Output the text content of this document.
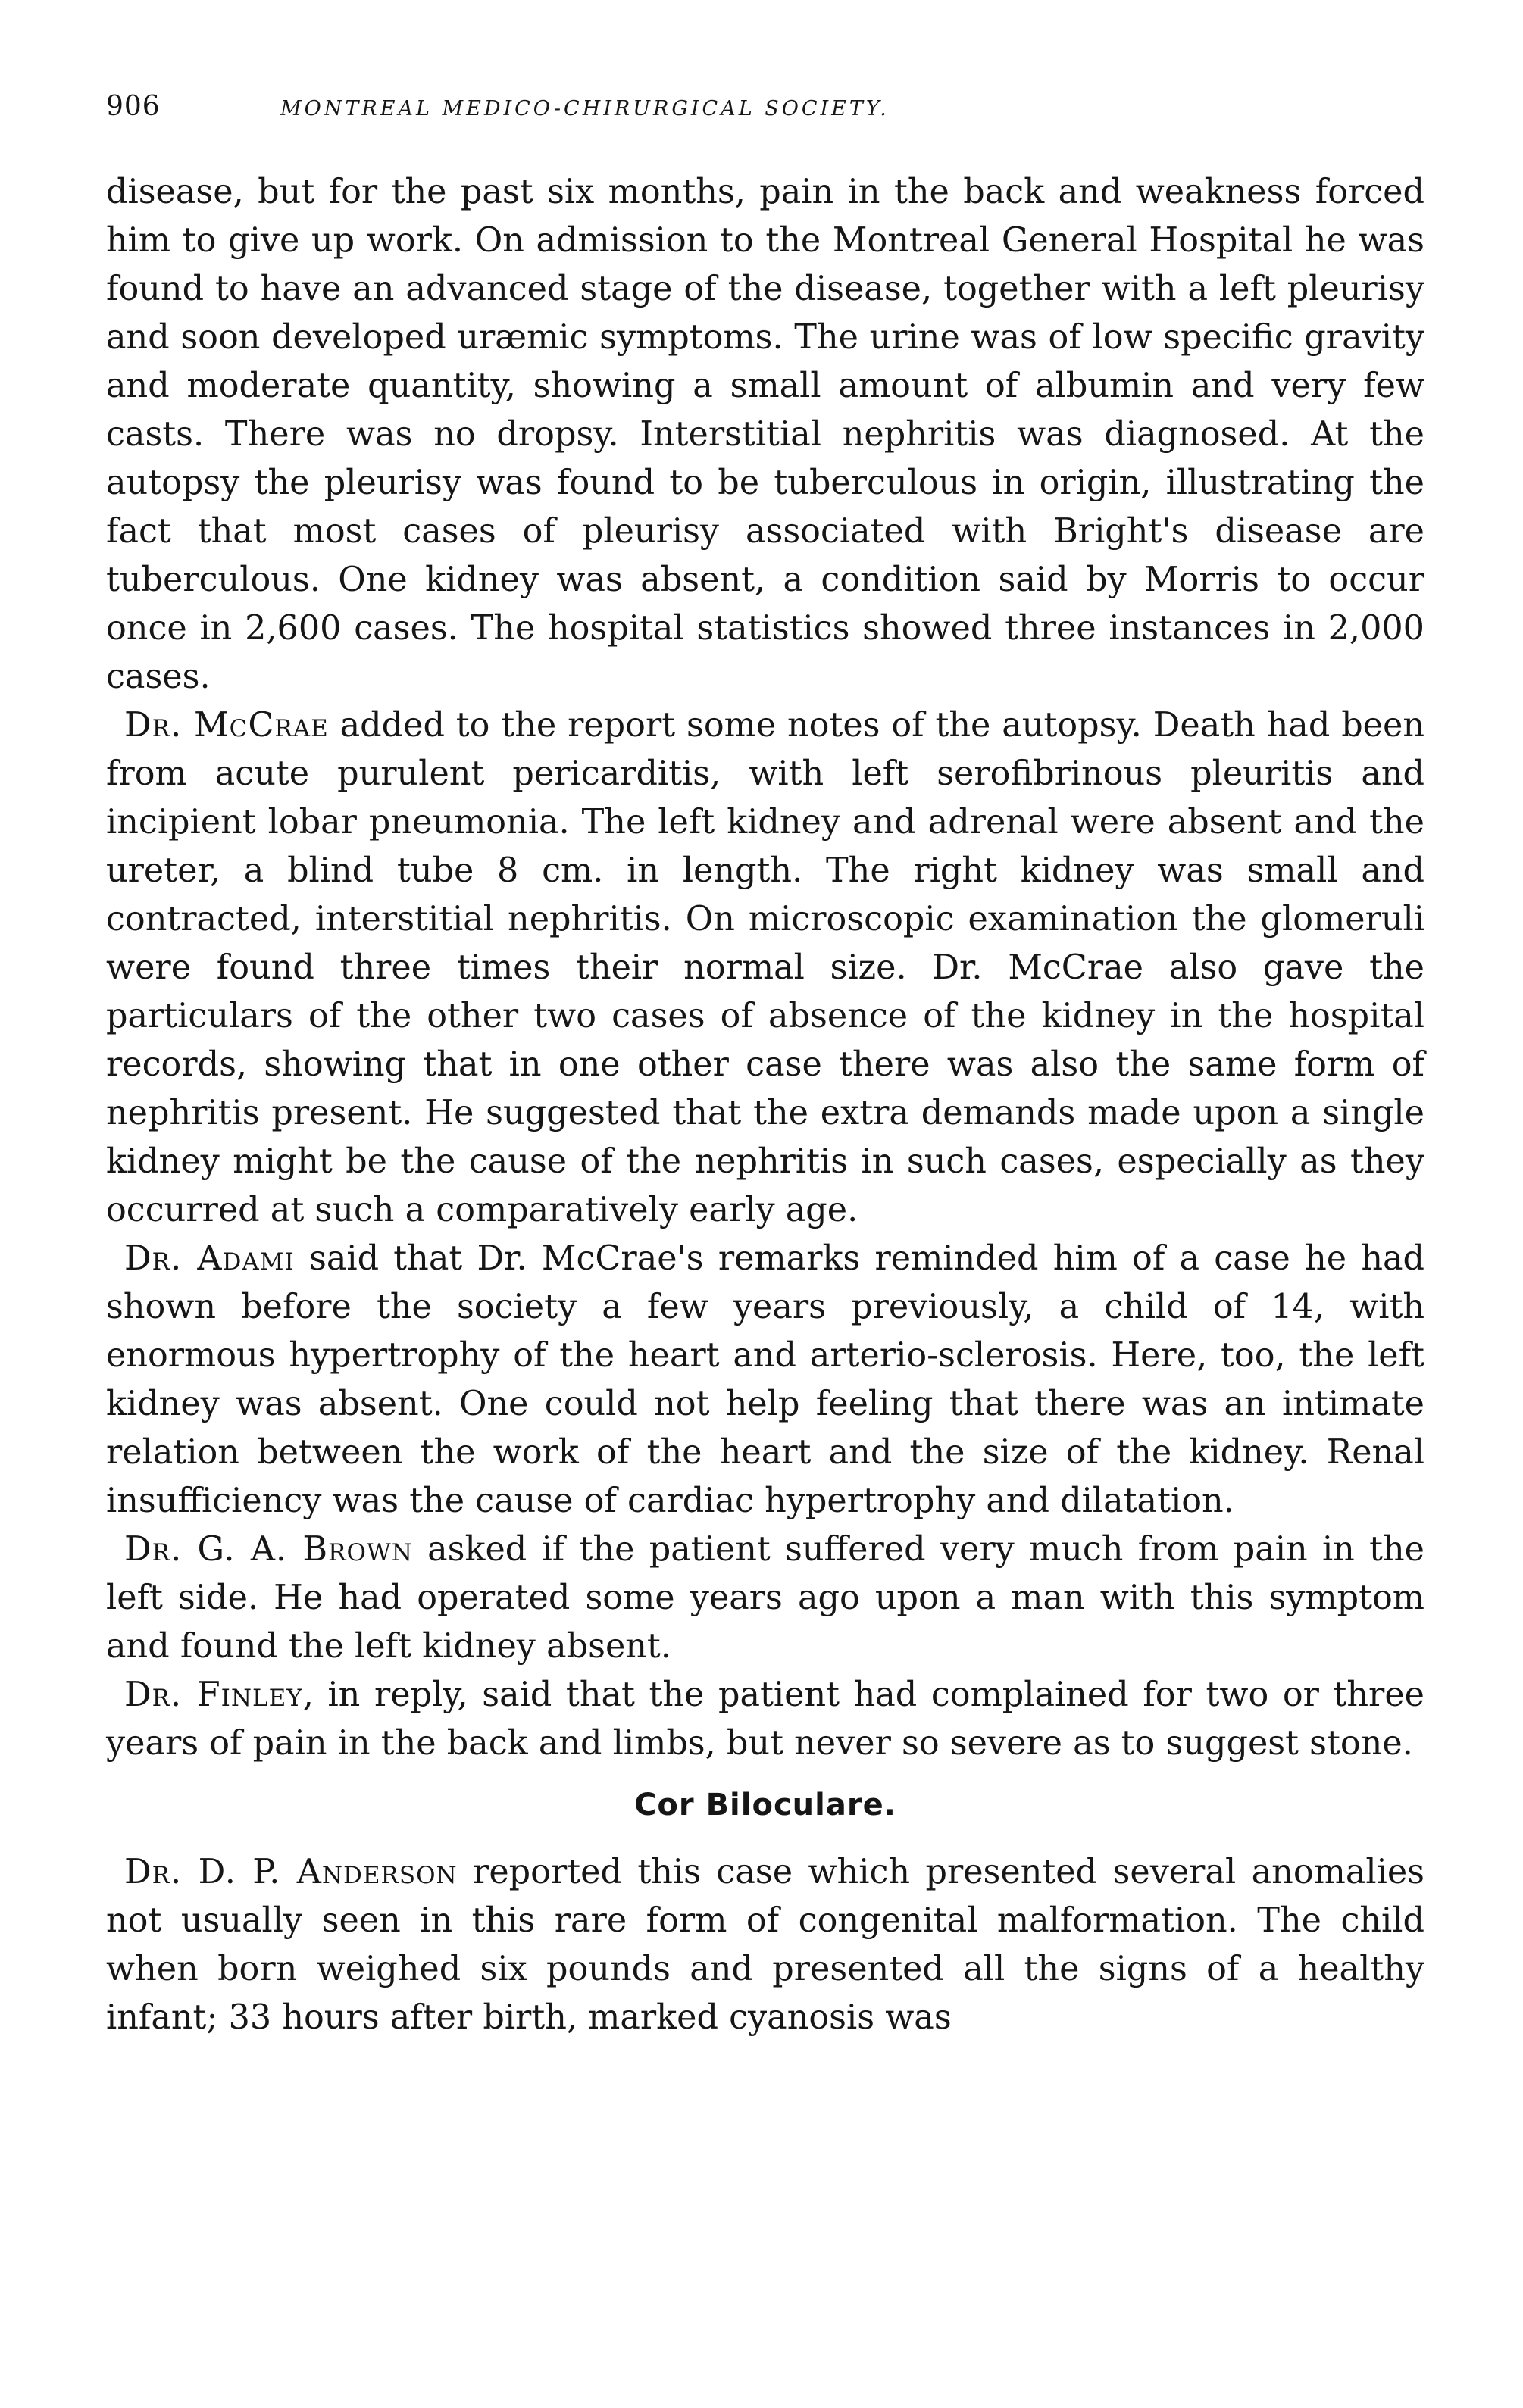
906	MONTREAL MEDICO-CHIRURGICAL SOCIETY.

disease, but for the past six months, pain in the back and weakness forced him to give up work. On admission to the Montreal General Hospital he was found to have an advanced stage of the disease, together with a left pleurisy and soon developed uræmic symptoms. The urine was of low specific gravity and moderate quantity, showing a small amount of albumin and very few casts. There was no dropsy. Interstitial nephritis was diagnosed. At the autopsy the pleurisy was found to be tuberculous in origin, illustrating the fact that most cases of pleurisy associated with Bright's disease are tuberculous. One kidney was absent, a condition said by Morris to occur once in 2,600 cases. The hospital statistics showed three instances in 2,000 cases.

Dr. McCrae added to the report some notes of the autopsy. Death had been from acute purulent pericarditis, with left serofibrinous pleuritis and incipient lobar pneumonia. The left kidney and adrenal were absent and the ureter, a blind tube 8 cm. in length. The right kidney was small and contracted, interstitial nephritis. On microscopic examination the glomeruli were found three times their normal size. Dr. McCrae also gave the particulars of the other two cases of absence of the kidney in the hospital records, showing that in one other case there was also the same form of nephritis present. He suggested that the extra demands made upon a single kidney might be the cause of the nephritis in such cases, especially as they occurred at such a comparatively early age.

Dr. Adami said that Dr. McCrae's remarks reminded him of a case he had shown before the society a few years previously, a child of 14, with enormous hypertrophy of the heart and arterio-sclerosis. Here, too, the left kidney was absent. One could not help feeling that there was an intimate relation between the work of the heart and the size of the kidney. Renal insufficiency was the cause of cardiac hypertrophy and dilatation.

Dr. G. A. Brown asked if the patient suffered very much from pain in the left side. He had operated some years ago upon a man with this symptom and found the left kidney absent.

Dr. Finley, in reply, said that the patient had complained for two or three years of pain in the back and limbs, but never so severe as to suggest stone.

Cor Biloculare.

Dr. D. P. Anderson reported this case which presented several anomalies not usually seen in this rare form of congenital malformation. The child when born weighed six pounds and presented all the signs of a healthy infant; 33 hours after birth, marked cyanosis was
